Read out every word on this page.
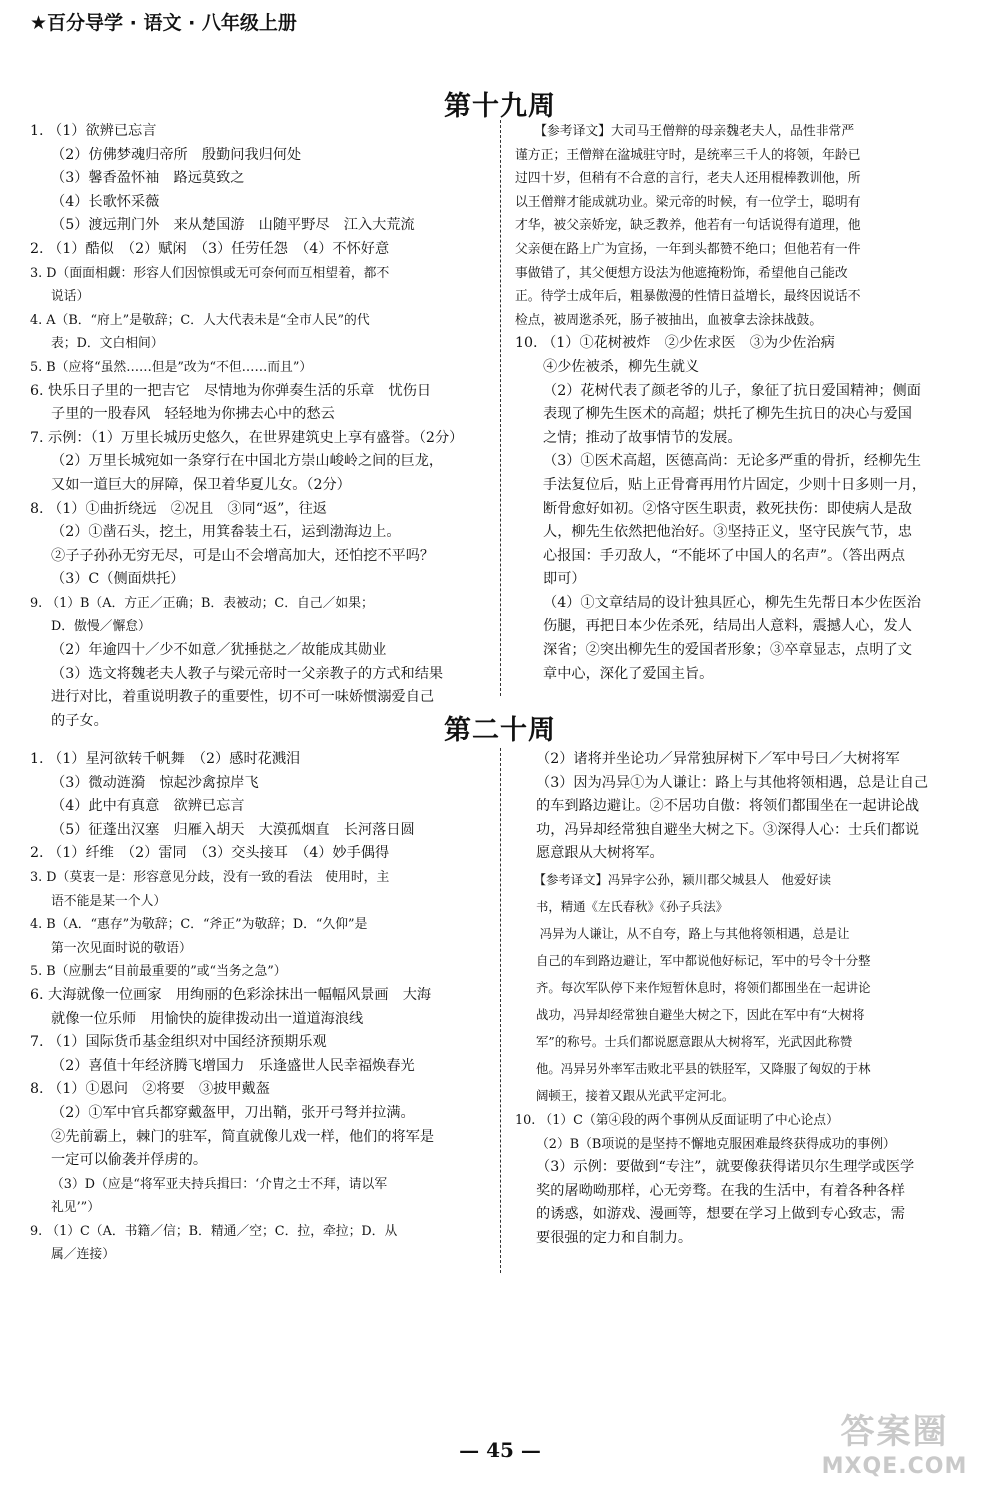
★百分导学 · 语文 · 八年级上册
第十九周
1. （1）欲辨已忘言
（2）仿佛梦魂归帝所　殷勤问我归何处
（3）馨香盈怀袖　路远莫致之
（4）长歌怀采薇
（5）渡远荆门外　来从楚国游　山随平野尽　江入大荒流
2. （1）酷似　（2）赋闲　（3）任劳任怨　（4）不怀好意
3. D（面面相觑：形容人们因惊惧或无可奈何而互相望着，都不
说话）
4. A（B．“府上”是敬辞；C．人大代表未是“全市人民”的代
表；D．文白相间）
5. B（应将“虽然……但是”改为“不但……而且”）
6. 快乐日子里的一把吉它　尽情地为你弹奏生活的乐章　忧伤日
子里的一股春风　轻轻地为你拂去心中的愁云
7. 示例：（1）万里长城历史悠久，在世界建筑史上享有盛誉。（2分）
（2）万里长城宛如一条穿行在中国北方崇山峻岭之间的巨龙，
又如一道巨大的屏障，保卫着华夏儿女。（2分）
8. （1）①曲折绕远　②况且　③同“返”，往返
（2）①凿石头，挖土，用箕畚装土石，运到渤海边上。
②子子孙孙无穷无尽，可是山不会增高加大，还怕挖不平吗？
（3）C（侧面烘托）
9. （1）B（A．方正／正确；B．表被动；C．自己／如果；
D．傲慢／懈怠）
（2）年逾四十／少不如意／犹捶挞之／故能成其勋业
（3）选文将魏老夫人教子与梁元帝时一父亲教子的方式和结果
进行对比，着重说明教子的重要性，切不可一味娇惯溺爱自己
的子女。
　　【参考译文】大司马王僧辩的母亲魏老夫人，品性非常严
谨方正；王僧辩在湓城驻守时，是统率三千人的将领，年龄已
过四十岁，但稍有不合意的言行，老夫人还用棍棒教训他，所
以王僧辩才能成就功业。梁元帝的时候，有一位学士，聪明有
才华，被父亲娇宠，缺乏教养，他若有一句话说得有道理，他
父亲便在路上广为宣扬，一年到头都赞不绝口；但他若有一件
事做错了，其父便想方设法为他遮掩粉饰，希望他自己能改
正。待学士成年后，粗暴傲漫的性情日益增长，最终因说话不
检点，被周逖杀死，肠子被抽出，血被拿去涂抹战鼓。
10. （1）①花树被炸　②少佐求医　③为少佐治病
④少佐被杀，柳先生就义
（2）花树代表了颜老爷的儿子，象征了抗日爱国精神；侧面
表现了柳先生医术的高超；烘托了柳先生抗日的决心与爱国
之情；推动了故事情节的发展。
（3）①医术高超，医德高尚：无论多严重的骨折，经柳先生
手法复位后，贴上正骨膏再用竹片固定，少则十日多则一月，
断骨愈好如初。②恪守医生职责，救死扶伤：即使病人是敌
人，柳先生依然把他治好。③坚持正义，坚守民族气节，忠
心报国：手刃敌人，“不能坏了中国人的名声”。（答出两点
即可）
（4）①文章结局的设计独具匠心，柳先生先帮日本少佐医治
伤腿，再把日本少佐杀死，结局出人意料，震撼人心，发人
深省；②突出柳先生的爱国者形象；③卒章显志，点明了文
章中心，深化了爱国主旨。
第二十周
1. （1）星河欲转千帆舞　（2）感时花溅泪
（3）微动涟漪　惊起沙禽掠岸飞
（4）此中有真意　欲辨已忘言
（5）征蓬出汉塞　归雁入胡天　大漠孤烟直　长河落日圆
2. （1）纤维　（2）雷同　（3）交头接耳　（4）妙手偶得
3. D（莫衷一是：形容意见分歧，没有一致的看法　使用时，主
语不能是某一个人）
4. B（A．“惠存”为敬辞；C．“斧正”为敬辞；D．“久仰”是
第一次见面时说的敬语）
5. B（应删去“目前最重要的”或“当务之急”）
6. 大海就像一位画家　用绚丽的色彩涂抹出一幅幅风景画　大海
就像一位乐师　用愉快的旋律拨动出一道道海浪线
7. （1）国际货币基金组织对中国经济预期乐观
（2）喜值十年经济腾飞增国力　乐逢盛世人民幸福焕春光
8. （1）①恩问　②将要　③披甲戴盔
（2）①军中官兵都穿戴盔甲，刀出鞘，张开弓弩并拉满。
②先前霸上，棘门的驻军，简直就像儿戏一样，他们的将军是
一定可以偷袭并俘虏的。
（3）D（应是“将军亚夫持兵揖曰：‘介胄之士不拜，请以军
礼见’”）
9. （1）C（A．书籍／信；B．精通／空；C．拉，牵拉；D．从
属／连接）
（2）诸将并坐论功／异常独屏树下／军中号曰／大树将军
（3）因为冯异①为人谦让：路上与其他将领相遇，总是让自己
的车到路边避让。②不居功自傲：将领们都围坐在一起讲论战
功，冯异却经常独自避坐大树之下。③深得人心：士兵们都说
愿意跟从大树将军。
　　【参考译文】冯异字公孙，颍川郡父城县人　他爱好读
书，精通《左氏春秋》《孙子兵法》
　　冯异为人谦让，从不自夸，路上与其他将领相遇，总是让
自己的车到路边避让，军中都说他好标记，军中的号令十分整
齐。每次军队停下来作短暂休息时，将领们都围坐在一起讲论
战功，冯异却经常独自避坐大树之下，因此在军中有“大树将
军”的称号。士兵们都说愿意跟从大树将军，光武因此称赞
他。冯异另外率军击败北平县的铁胫军，又降服了匈奴的于林
阔顿王，接着又跟从光武平定河北。
10. （1）C（第④段的两个事例从反面证明了中心论点）
（2）B（B项说的是坚持不懈地克服困难最终获得成功的事例）
（3）示例：要做到“专注”，就要像获得诺贝尔生理学或医学
奖的屠呦呦那样，心无旁骛。在我的生活中，有着各种各样
的诱惑，如游戏、漫画等，想要在学习上做到专心致志，需
要很强的定力和自制力。
— 45 —	答案圈
MXQE.COM
